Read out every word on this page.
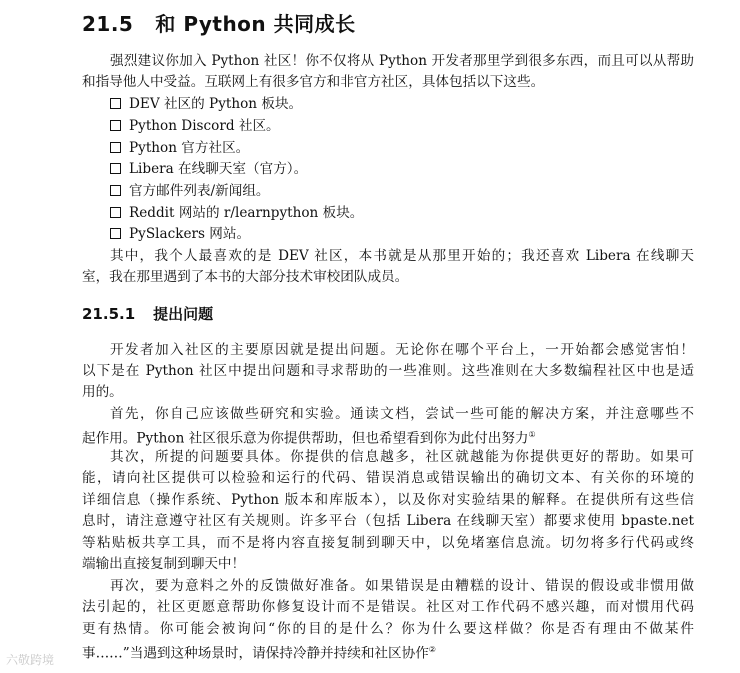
21.5 和 Python 共同成长
强烈建议你加入 Python 社区！你不仅将从 Python 开发者那里学到很多东西，而且可以从帮助
和指导他人中受益。互联网上有很多官方和非官方社区，具体包括以下这些。
DEV 社区的 Python 板块。
Python Discord 社区。
Python 官方社区。
Libera 在线聊天室（官方）。
官方邮件列表/新闻组。
Reddit 网站的 r/learnpython 板块。
PySlackers 网站。
其中，我个人最喜欢的是 DEV 社区，本书就是从那里开始的；我还喜欢 Libera 在线聊天
室，我在那里遇到了本书的大部分技术审校团队成员。
21.5.1 提出问题
开发者加入社区的主要原因就是提出问题。无论你在哪个平台上，一开始都会感觉害怕！
以下是在 Python 社区中提出问题和寻求帮助的一些准则。这些准则在大多数编程社区中也是适
用的。
首先，你自己应该做些研究和实验。通读文档，尝试一些可能的解决方案，并注意哪些不
起作用。Python 社区很乐意为你提供帮助，但也希望看到你为此付出努力①
其次，所提的问题要具体。你提供的信息越多，社区就越能为你提供更好的帮助。如果可
能，请向社区提供可以检验和运行的代码、错误消息或错误输出的确切文本、有关你的环境的
详细信息（操作系统、Python 版本和库版本），以及你对实验结果的解释。在提供所有这些信
息时，请注意遵守社区有关规则。许多平台（包括 Libera 在线聊天室）都要求使用 bpaste.net
等粘贴板共享工具，而不是将内容直接复制到聊天中，以免堵塞信息流。切勿将多行代码或终
端输出直接复制到聊天中！
再次，要为意料之外的反馈做好准备。如果错误是由糟糕的设计、错误的假设或非惯用做
法引起的，社区更愿意帮助你修复设计而不是错误。社区对工作代码不感兴趣，而对惯用代码
更有热情。你可能会被询问“你的目的是什么？你为什么要这样做？你是否有理由不做某件
事……”当遇到这种场景时，请保持冷静并持续和社区协作②
六敬跨境
